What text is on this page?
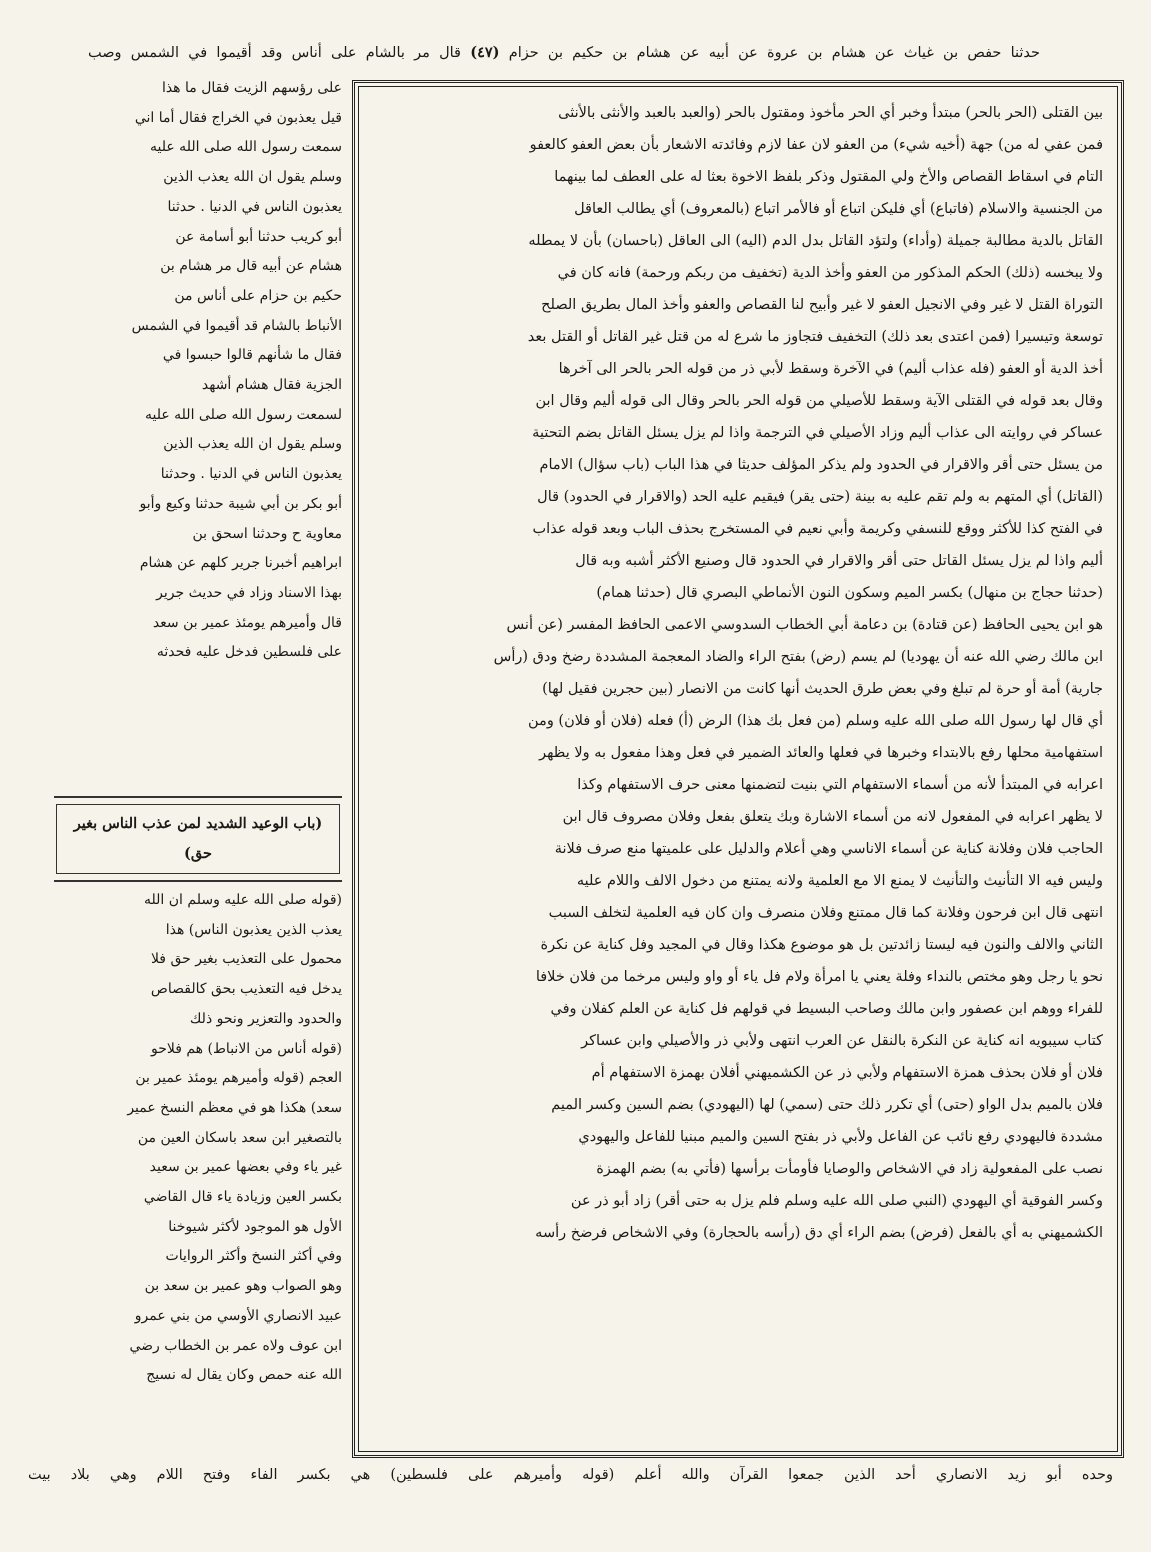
حدثنا حفص بن غياث عن هشام بن عروة عن أبيه عن هشام بن حكيم بن حزام (٤٧) قال مر بالشام على أناس وقد أقيموا في الشمس وصب

على رؤسهم الزيت فقال ما هذا

قيل يعذبون في الخراج فقال أما اني

سمعت رسول الله صلى الله عليه

وسلم يقول ان الله يعذب الذين

يعذبون الناس في الدنيا . حدثنا

أبو كريب حدثنا أبو أسامة عن

هشام عن أبيه قال مر هشام بن

حكيم بن حزام على أناس من

الأنباط بالشام قد أقيموا في الشمس

فقال ما شأنهم قالوا حبسوا في

الجزية فقال هشام أشهد

لسمعت رسول الله صلى الله عليه

وسلم يقول ان الله يعذب الذين

يعذبون الناس في الدنيا . وحدثنا

أبو بكر بن أبي شيبة حدثنا وكيع وأبو

معاوية ح وحدثنا اسحق بن

ابراهيم أخبرنا جرير كلهم عن هشام

بهذا الاسناد وزاد في حديث جرير

قال وأميرهم يومئذ عمير بن سعد

على فلسطين فدخل عليه فحدثه

(باب الوعيد الشديد لمن عذب الناس بغير حق)

(قوله صلى الله عليه وسلم ان الله

يعذب الذين يعذبون الناس) هذا

محمول على التعذيب بغير حق فلا

يدخل فيه التعذيب بحق كالقصاص

والحدود والتعزير ونحو ذلك

(قوله أناس من الانباط) هم فلاحو

العجم (قوله وأميرهم يومئذ عمير بن

سعد) هكذا هو في معظم النسخ عمير

بالتصغير ابن سعد باسكان العين من

غير ياء وفي بعضها عمير بن سعيد

بكسر العين وزيادة ياء قال القاضي

الأول هو الموجود لأكثر شيوخنا

وفي أكثر النسخ وأكثر الروايات

وهو الصواب وهو عمير بن سعد بن

عبيد الانصاري الأوسي من بني عمرو

ابن عوف ولاه عمر بن الخطاب رضي

الله عنه حمص وكان يقال له نسيج

بين القتلى (الحر بالحر) مبتدأ وخبر أي الحر مأخوذ ومقتول بالحر (والعبد بالعبد والأنثى بالأنثى

فمن عفي له من) جهة (أخيه شيء) من العفو لان عفا لازم وفائدته الاشعار بأن بعض العفو كالعفو

التام في اسقاط القصاص والأخ ولي المقتول وذكر بلفظ الاخوة بعثا له على العطف لما بينهما

من الجنسية والاسلام (فاتباع) أي فليكن اتباع أو فالأمر اتباع (بالمعروف) أي يطالب العاقل

القاتل بالدية مطالبة جميلة (وأداء) ولتؤد القاتل بدل الدم (اليه) الى العاقل (باحسان) بأن لا يمطله

ولا يبخسه (ذلك) الحكم المذكور من العفو وأخذ الدية (تخفيف من ربكم ورحمة) فانه كان في

التوراة القتل لا غير وفي الانجيل العفو لا غير وأبيح لنا القصاص والعفو وأخذ المال بطريق الصلح

توسعة وتيسيرا (فمن اعتدى بعد ذلك) التخفيف فتجاوز ما شرع له من قتل غير القاتل أو القتل بعد

أخذ الدية أو العفو (فله عذاب أليم) في الآخرة وسقط لأبي ذر من قوله الحر بالحر الى آخرها

وقال بعد قوله في القتلى الآية وسقط للأصيلي من قوله الحر بالحر وقال الى قوله أليم وقال ابن

عساكر في روايته الى عذاب أليم وزاد الأصيلي في الترجمة واذا لم يزل يسئل القاتل بضم التحتية

من يسئل حتى أقر والاقرار في الحدود ولم يذكر المؤلف حديثا في هذا الباب (باب سؤال) الامام

(القاتل) أي المتهم به ولم تقم عليه به بينة (حتى يقر) فيقيم عليه الحد (والاقرار في الحدود) قال

في الفتح كذا للأكثر ووقع للنسفي وكريمة وأبي نعيم في المستخرج بحذف الباب وبعد قوله عذاب

أليم واذا لم يزل يسئل القاتل حتى أقر والاقرار في الحدود قال وصنيع الأكثر أشبه وبه قال

(حدثنا حجاج بن منهال) بكسر الميم وسكون النون الأنماطي البصري قال (حدثنا همام)

هو ابن يحيى الحافظ (عن قتادة) بن دعامة أبي الخطاب السدوسي الاعمى الحافظ المفسر (عن أنس

ابن مالك رضي الله عنه أن يهوديا) لم يسم (رض) بفتح الراء والضاد المعجمة المشددة رضخ ودق (رأس

جارية) أمة أو حرة لم تبلغ وفي بعض طرق الحديث أنها كانت من الانصار (بين حجرين فقيل لها)

أي قال لها رسول الله صلى الله عليه وسلم (من فعل بك هذا) الرض (أ) فعله (فلان أو فلان) ومن

استفهامية محلها رفع بالابتداء وخبرها في فعلها والعائد الضمير في فعل وهذا مفعول به ولا يظهر

اعرابه في المبتدأ لأنه من أسماء الاستفهام التي بنيت لتضمنها معنى حرف الاستفهام وكذا

لا يظهر اعرابه في المفعول لانه من أسماء الاشارة وبك يتعلق بفعل وفلان مصروف قال ابن

الحاجب فلان وفلانة كناية عن أسماء الاناسي وهي أعلام والدليل على علميتها منع صرف فلانة

وليس فيه الا التأنيث والتأنيث لا يمنع الا مع العلمية ولانه يمتنع من دخول الالف واللام عليه

انتهى قال ابن فرحون وفلانة كما قال ممتنع وفلان منصرف وان كان فيه العلمية لتخلف السبب

الثاني والالف والنون فيه ليستا زائدتين بل هو موضوع هكذا وقال في المجيد وفل كناية عن نكرة

نحو يا رجل وهو مختص بالنداء وفلة يعني يا امرأة ولام فل ياء أو واو وليس مرخما من فلان خلافا

للفراء ووهم ابن عصفور وابن مالك وصاحب البسيط في قولهم فل كناية عن العلم كفلان وفي

كتاب سيبويه انه كناية عن النكرة بالنقل عن العرب انتهى ولأبي ذر والأصيلي وابن عساكر

فلان أو فلان بحذف همزة الاستفهام ولأبي ذر عن الكشميهني أفلان بهمزة الاستفهام أم

فلان بالميم بدل الواو (حتى) أي تكرر ذلك حتى (سمي) لها (اليهودي) بضم السين وكسر الميم

مشددة فاليهودي رفع نائب عن الفاعل ولأبي ذر بفتح السين والميم مبنيا للفاعل واليهودي

نصب على المفعولية زاد في الاشخاص والوصايا فأومأت برأسها (فأتي به) بضم الهمزة

وكسر الفوقية أي اليهودي (النبي صلى الله عليه وسلم فلم يزل به حتى أقر) زاد أبو ذر عن

الكشميهني به أي بالفعل (فرض) بضم الراء أي دق (رأسه بالحجارة) وفي الاشخاص فرضخ رأسه

وحده أبو زيد الانصاري أحد الذين جمعوا القرآن والله أعلم (قوله وأميرهم على فلسطين) هي بكسر الفاء وفتح اللام وهي بلاد بيت
